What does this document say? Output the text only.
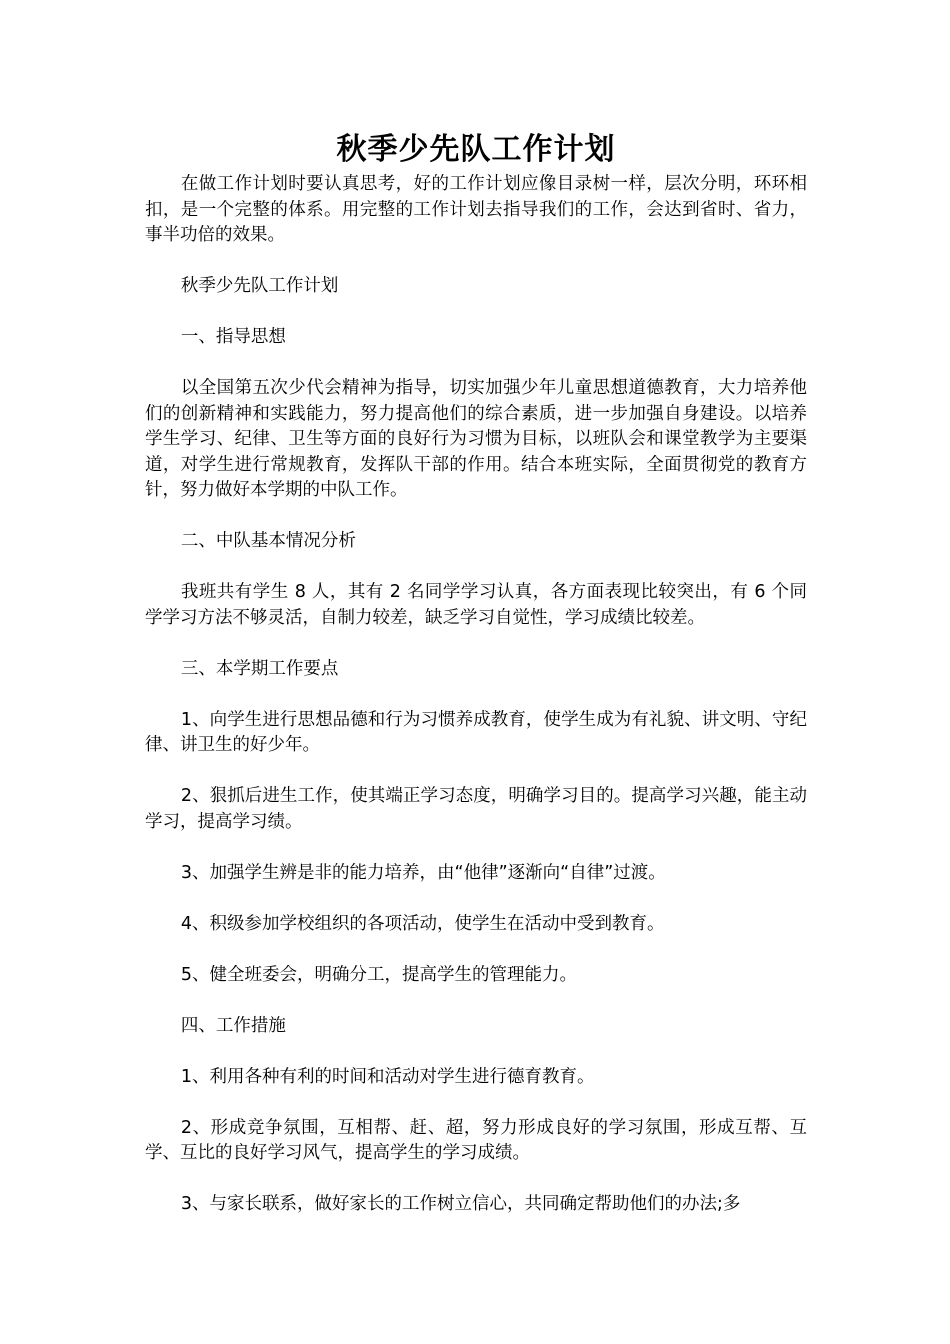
秋季少先队工作计划

在做工作计划时要认真思考，好的工作计划应像目录树一样，层次分明，环环相扣，是一个完整的体系。用完整的工作计划去指导我们的工作，会达到省时、省力，事半功倍的效果。

秋季少先队工作计划

一、指导思想

以全国第五次少代会精神为指导，切实加强少年儿童思想道德教育，大力培养他们的创新精神和实践能力，努力提高他们的综合素质，进一步加强自身建设。以培养学生学习、纪律、卫生等方面的良好行为习惯为目标，以班队会和课堂教学为主要渠道，对学生进行常规教育，发挥队干部的作用。结合本班实际，全面贯彻党的教育方针，努力做好本学期的中队工作。

二、中队基本情况分析

我班共有学生 8 人，其有 2 名同学学习认真，各方面表现比较突出，有 6 个同学学习方法不够灵活，自制力较差，缺乏学习自觉性，学习成绩比较差。

三、本学期工作要点

1、向学生进行思想品德和行为习惯养成教育，使学生成为有礼貌、讲文明、守纪律、讲卫生的好少年。

2、狠抓后进生工作，使其端正学习态度，明确学习目的。提高学习兴趣，能主动学习，提高学习绩。

3、加强学生辨是非的能力培养，由“他律”逐渐向“自律”过渡。

4、积级参加学校组织的各项活动，使学生在活动中受到教育。

5、健全班委会，明确分工，提高学生的管理能力。

四、工作措施

1、利用各种有利的时间和活动对学生进行德育教育。

2、形成竞争氛围，互相帮、赶、超，努力形成良好的学习氛围，形成互帮、互学、互比的良好学习风气，提高学生的学习成绩。

3、与家长联系，做好家长的工作树立信心，共同确定帮助他们的办法;多
